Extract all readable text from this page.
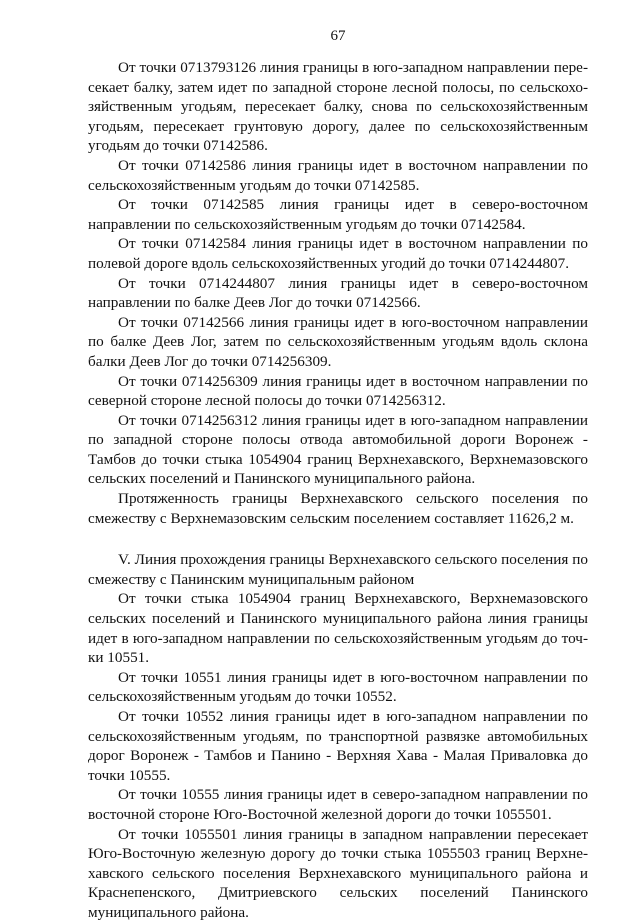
67

От точки 0713793126 линия границы в юго-западном направлении пересекает балку, затем идет по западной стороне лесной полосы, по сельскохозяйственным угодьям, пересекает балку, снова по сельскохозяйственным угодьям, пересекает грунтовую дорогу, далее по сельскохозяйственным угодьям до точки 07142586.

От точки 07142586 линия границы идет в восточном направлении по сельскохозяйственным угодьям до точки 07142585.

От точки 07142585 линия границы идет в северо-восточном направлении по сельскохозяйственным угодьям до точки 07142584.

От точки 07142584 линия границы идет в восточном направлении по полевой дороге вдоль сельскохозяйственных угодий до точки 0714244807.

От точки 0714244807 линия границы идет в северо-восточном направлении по балке Деев Лог до точки 07142566.

От точки 07142566 линия границы идет в юго-восточном направлении по балке Деев Лог, затем по сельскохозяйственным угодьям вдоль склона балки Деев Лог до точки 0714256309.

От точки 0714256309 линия границы идет в восточном направлении по северной стороне лесной полосы до точки 0714256312.

От точки 0714256312 линия границы идет в юго-западном направлении по западной стороне полосы отвода автомобильной дороги Воронеж - Тамбов до точки стыка 1054904 границ Верхнехавского, Верхнемазовского сельских поселений и Панинского муниципального района.

Протяженность границы Верхнехавского сельского поселения по смежеству с Верхнемазовским сельским поселением составляет 11626,2 м.

V. Линия прохождения границы Верхнехавского сельского поселения по смежеству с Панинским муниципальным районом

От точки стыка 1054904 границ Верхнехавского, Верхнемазовского сельских поселений и Панинского муниципального района линия границы идет в юго-западном направлении по сельскохозяйственным угодьям до точки 10551.

От точки 10551 линия границы идет в юго-восточном направлении по сельскохозяйственным угодьям до точки 10552.

От точки 10552 линия границы идет в юго-западном направлении по сельскохозяйственным угодьям, по транспортной развязке автомобильных дорог Воронеж - Тамбов и Панино - Верхняя Хава - Малая Приваловка до точки 10555.

От точки 10555 линия границы идет в северо-западном направлении по восточной стороне Юго-Восточной железной дороги до точки 1055501.

От точки 1055501 линия границы в западном направлении пересекает Юго-Восточную железную дорогу до точки стыка 1055503 границ Верхнехавского сельского поселения Верхнехавского муниципального района и Краснепенского, Дмитриевского сельских поселений Панинского муниципального района.
